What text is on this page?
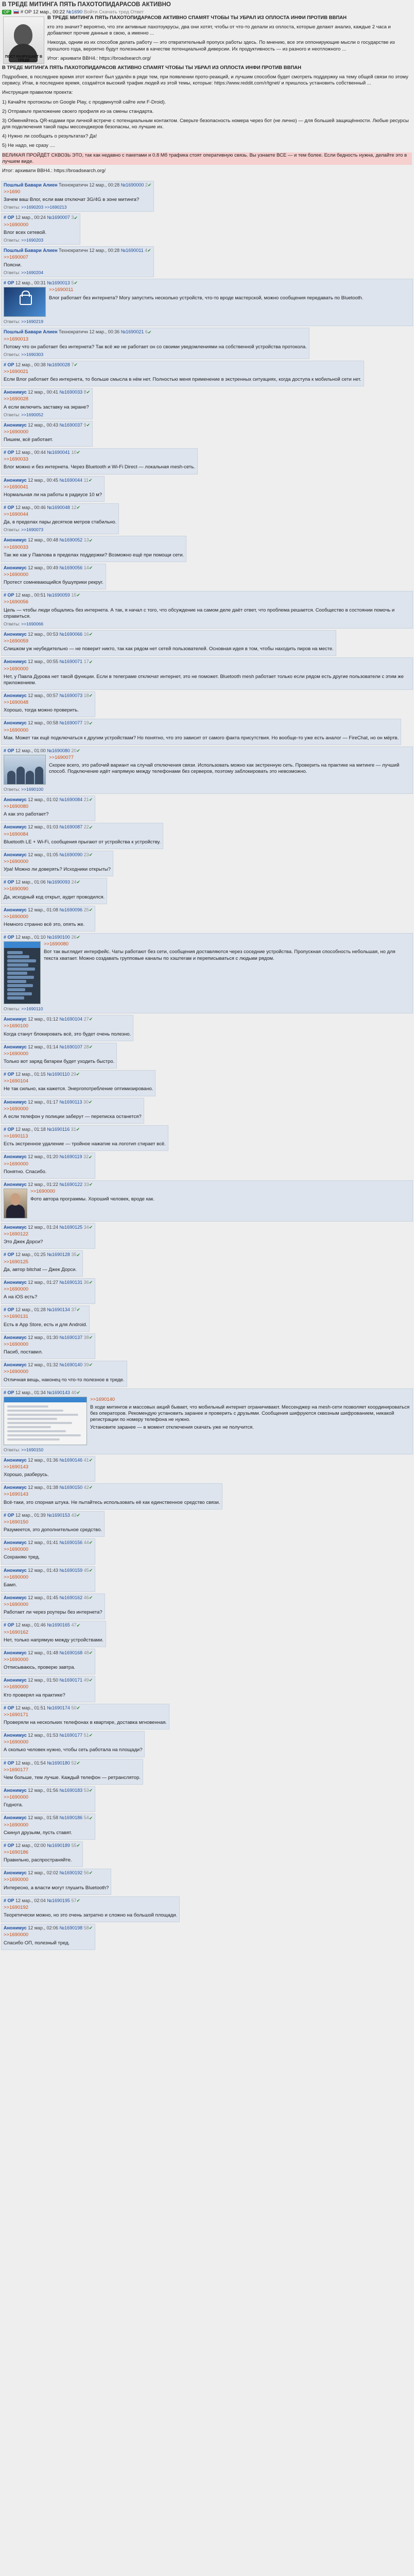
В ТРЕДЕ МИТИНГА ПЯТЬ ПАХОТОПИДАРАСОВ АКТИВНО
ОР # ОР 12 мар., 00:22 №1690 Войти Скачать тред Ответ
ПОСТ РАЗРУШАЕТ В ТРЕДЕ

В ТРЕДЕ МИТИНГА ПЯТЬ ПАХОТОПИДАРАСОВ АКТИВНО СПАМЯТ ЧТОБЫ ТЫ УБРАЛ ИЗ ОПЛОСТА ИНФИ ПРОТИВ ВВПАН

кто это значит? вероятно, что эти активные пахотоукрусы, два они хотят, чтобы от что-то делали из оплоста, которые делают анализ, каждые 2 часа и добавляют прочие данные в свою, а именно ...

Никогда, одним из их способов делать работу — это отвратительный пропуск работы здесь. По мнению, все эти оппонирующие мысли о государстве из прошлого года, вероятно будут полезными в качестве потенциальной диверсии. Их продуктивность — из разного и неотложного ...

Итог: архивати BBH4.: https://broadsearch.org/

В ТРЕДЕ МИТИНГА ПЯТЬ ПАХОТОПИДАРАСОВ АКТИВНО СПАМЯТ ЧТОБЫ ТЫ УБРАЛ ИЗ ОПЛОСТА ИНФИ ПРОТИВ ВВПАН

Подробнее, в последнее время этот контент был удалён в ряде тем, при появлении прото-реакций, и лучшим способом будет смотреть поддержку на тему общей связи по этому сервису. Итак, в последнее время, создаётся высокий трафик людей из этой темы, которые: https://www.reddit.com/r/tgnet/ и пришлось установить собственный ...

Инструкция правилом проекта:

1) Качайте протоколы оп Google Play, с продвинутой сайте или F-Droid).

2) Отправьте приложение своего профиля из-за смены стандарта.

3) Обменяйтесь QR-кодами при личной встрече с потенциальным контактом. Сверьте безопасность номера через бот (не лично) — для большей защищённости. Любые ресурсы для подключения такой пары мессенджеров безопасны, но лучшие их.

4) Нужно ли сообщать о результатах? Да!

5) Не надо, не сразу ....

ВЕЛИКАЯ ПРОЙДЁТ СКВОЗЬ ЭТО, так как недавно с пакетами и 0.8 Мб трафика стоят оперативную связь. Вы узнаете ВСЕ — и тем более. Если бедность нужна, делайте это в лучшем виде.

Итог: архивати BBH4.: https://broadsearch.org/

Пошлый Бавари Алиен Технократичн 12 мар., 00:28 №1690000 2✔

>>1690

Зачем ваш Влог, если вам отключат 3G/4G в зоне митинга?

Ответы: >>1690203 >>1690213
# ОР 12 мар., 00:24 №1690007 3✔

>>1690000

Влог всех сетевой.

Ответы: >>1690203
Пошлый Бавари Алиен Технократичн 12 мар., 00:28 №1690011 4✔

>>1690007

Поясни.

Ответы: >>1690204
# ОР 12 мар., 00:31 №1690013 5✔

>>1690011

Влог работает без интернета? Могу запустить несколько устройств, что-то вроде мастерской, можно сообщения передавать по Bluetooth.

Ответы: >>1690219
Пошлый Бавари Алиен Технократичн 12 мар., 00:36 №1690021 6✔

>>1690013

Потому что он работает без интернета? Так всё же не работает он со своими уведомлениями на собственной устройства протокола.

Ответы: >>1690303
# ОР 12 мар., 00:38 №1690028 7✔

>>1690021

Если Влог работает без интернета, то больше смысла в нём нет. Полностью меня применение в экстренных ситуациях, когда доступа к мобильной сети нет.

Анонимус 12 мар., 00:41 №1690033 8✔

>>1690028

А если включить заставку на экране?

Ответы: >>1690052
Анонимус 12 мар., 00:43 №1690037 9✔

>>1690000

Пишем, всё работает.

# ОР 12 мар., 00:44 №1690041 10✔

>>1690033

Влог можно и без интернета. Через Bluetooth и Wi-Fi Direct — локальная mesh-сеть.

Анонимус 12 мар., 00:45 №1690044 11✔

>>1690041

Нормальная ли на работы в радиусе 10 м?

# ОР 12 мар., 00:46 №1690048 12✔

>>1690044

Да, в пределах пары десятков метров стабильно.

Ответы: >>1690073
Анонимус 12 мар., 00:48 №1690052 13✔

>>1690033

Так же как у Павлова в пределах поддержки? Возможно ещё при помощи сети.

Анонимус 12 мар., 00:49 №1690056 14✔

>>1690000

Протест сомневающийся бушуприки рекруг.

# ОР 12 мар., 00:51 №1690059 15✔

>>1690056

Цель — чтобы люди общались без интернета. А так, я начал с того, что обсуждение на самом деле даёт ответ, что проблема решается. Сообщество в состоянии помочь и справиться.

Ответы: >>1690066
Анонимус 12 мар., 00:53 №1690066 16✔

>>1690059

Слишком уж неубедительно — не поверит никто, так как рядом нет сетей пользователей. Основная идея в том, чтобы находить пиров на месте.

Анонимус 12 мар., 00:55 №1690071 17✔

>>1690000

Нет, у Павла Дурова нет такой функции. Если в телеграме отключат интернет, это не поможет. Bluetooth mesh работает только если рядом есть другие пользователи с этим же приложением.

Анонимус 12 мар., 00:57 №1690073 18✔

>>1690048

Хорошо, тогда можно проверить.

Анонимус 12 мар., 00:58 №1690077 19✔

>>1690000

Мак. Может так ещё подключаться к другим устройствам? Но понятно, что это зависит от самого факта присутствия. Но вообще-то уже есть аналог — FireChat, но он мёртв.

# ОР 12 мар., 01:00 №1690080 20✔

>>1690077

Скорее всего, это рабочий вариант на случай отключения связи. Использовать можно как экстренную сеть. Проверить на практике на митинге — лучший способ. Подключение идёт напрямую между телефонами без серверов, поэтому заблокировать это невозможно.

Ответы: >>1690100
Анонимус 12 мар., 01:02 №1690084 21✔

>>1690080

А как это работает?

Анонимус 12 мар., 01:03 №1690087 22✔

>>1690084

Bluetooth LE + Wi-Fi, сообщения прыгают от устройства к устройству.

Анонимус 12 мар., 01:05 №1690090 23✔

>>1690000

Ура! Можно ли доверять? Исходники открыты?

# ОР 12 мар., 01:06 №1690093 24✔

>>1690090

Да, исходный код открыт, аудит проводился.

Анонимус 12 мар., 01:08 №1690096 25✔

>>1690000

Немного странно всё это, опять же.

# ОР 12 мар., 01:10 №1690100 26✔

>>1690080

Вот так выглядит интерфейс. Чаты работают без сети, сообщения доставляются через соседние устройства. Пропускная способность небольшая, но для текста хватает. Можно создавать групповые каналы по хэштегам и переписываться с людьми рядом.

Ответы: >>1690110
Анонимус 12 мар., 01:12 №1690104 27✔

>>1690100

Когда станут блокировать всё, это будет очень полезно.

Анонимус 12 мар., 01:14 №1690107 28✔

>>1690000

Только вот заряд батареи будет уходить быстро.

# ОР 12 мар., 01:15 №1690110 29✔

>>1690104

Не так сильно, как кажется. Энергопотребление оптимизировано.

Анонимус 12 мар., 01:17 №1690113 30✔

>>1690000

А если телефон у полиции заберут — переписка останется?

# ОР 12 мар., 01:18 №1690116 31✔

>>1690113

Есть экстренное удаление — тройное нажатие на логотип стирает всё.

Анонимус 12 мар., 01:20 №1690119 32✔

>>1690000

Понятно. Спасибо.

Анонимус 12 мар., 01:22 №1690122 33✔

>>1690000

Фото автора программы. Хороший человек, вроде как.

Анонимус 12 мар., 01:24 №1690125 34✔

>>1690122

Это Джек Дорси?

# ОР 12 мар., 01:25 №1690128 35✔

>>1690125

Да, автор bitchat — Джек Дорси.

Анонимус 12 мар., 01:27 №1690131 36✔

>>1690000

А на iOS есть?

# ОР 12 мар., 01:28 №1690134 37✔

>>1690131

Есть в App Store, есть и для Android.

Анонимус 12 мар., 01:30 №1690137 38✔

>>1690000

Пасиб, поставил.

Анонимус 12 мар., 01:32 №1690140 39✔

>>1690000

Отличная вещь, наконец-то что-то полезное в треде.

# ОР 12 мар., 01:34 №1690143 40✔

>>1690140

В ходе митингов и массовых акций бывает, что мобильный интернет ограничивают. Мессенджер на mesh-сети позволяет координироваться без операторов. Рекомендую установить заранее и проверить с друзьями. Сообщения шифруются сквозным шифрованием, никакой регистрации по номеру телефона не нужно.

Установите заранее — в момент отключения скачать уже не получится.

Ответы: >>1690150
Анонимус 12 мар., 01:36 №1690146 41✔

>>1690143

Хорошо, разберусь.

Анонимус 12 мар., 01:38 №1690150 42✔

>>1690143

Всё-таки, это спорная штука. Не пытайтесь использовать её как единственное средство связи.

# ОР 12 мар., 01:39 №1690153 43✔

>>1690150

Разумеется, это дополнительное средство.

Анонимус 12 мар., 01:41 №1690156 44✔

>>1690000

Сохраняю тред.

Анонимус 12 мар., 01:43 №1690159 45✔

>>1690000

Бамп.

Анонимус 12 мар., 01:45 №1690162 46✔

>>1690000

Работает ли через роутеры без интернета?

# ОР 12 мар., 01:46 №1690165 47✔

>>1690162

Нет, только напрямую между устройствами.

Анонимус 12 мар., 01:48 №1690168 48✔

>>1690000

Отписываюсь, проверю завтра.

Анонимус 12 мар., 01:50 №1690171 49✔

>>1690000

Кто проверял на практике?

# ОР 12 мар., 01:51 №1690174 50✔

>>1690171

Проверяли на нескольких телефонах в квартире, доставка мгновенная.

Анонимус 12 мар., 01:53 №1690177 51✔

>>1690000

А сколько человек нужно, чтобы сеть работала на площади?

# ОР 12 мар., 01:54 №1690180 52✔

>>1690177

Чем больше, тем лучше. Каждый телефон — ретранслятор.

Анонимус 12 мар., 01:56 №1690183 53✔

>>1690000

Годнота.

Анонимус 12 мар., 01:58 №1690186 54✔

>>1690000

Скинул друзьям, пусть ставят.

# ОР 12 мар., 02:00 №1690189 55✔

>>1690186

Правильно, распространяйте.

Анонимус 12 мар., 02:02 №1690192 56✔

>>1690000

Интересно, а власти могут глушить Bluetooth?

# ОР 12 мар., 02:04 №1690195 57✔

>>1690192

Теоретически можно, но это очень затратно и сложно на большой площади.

Анонимус 12 мар., 02:06 №1690198 58✔

>>1690000

Спасибо ОП, полезный тред.
